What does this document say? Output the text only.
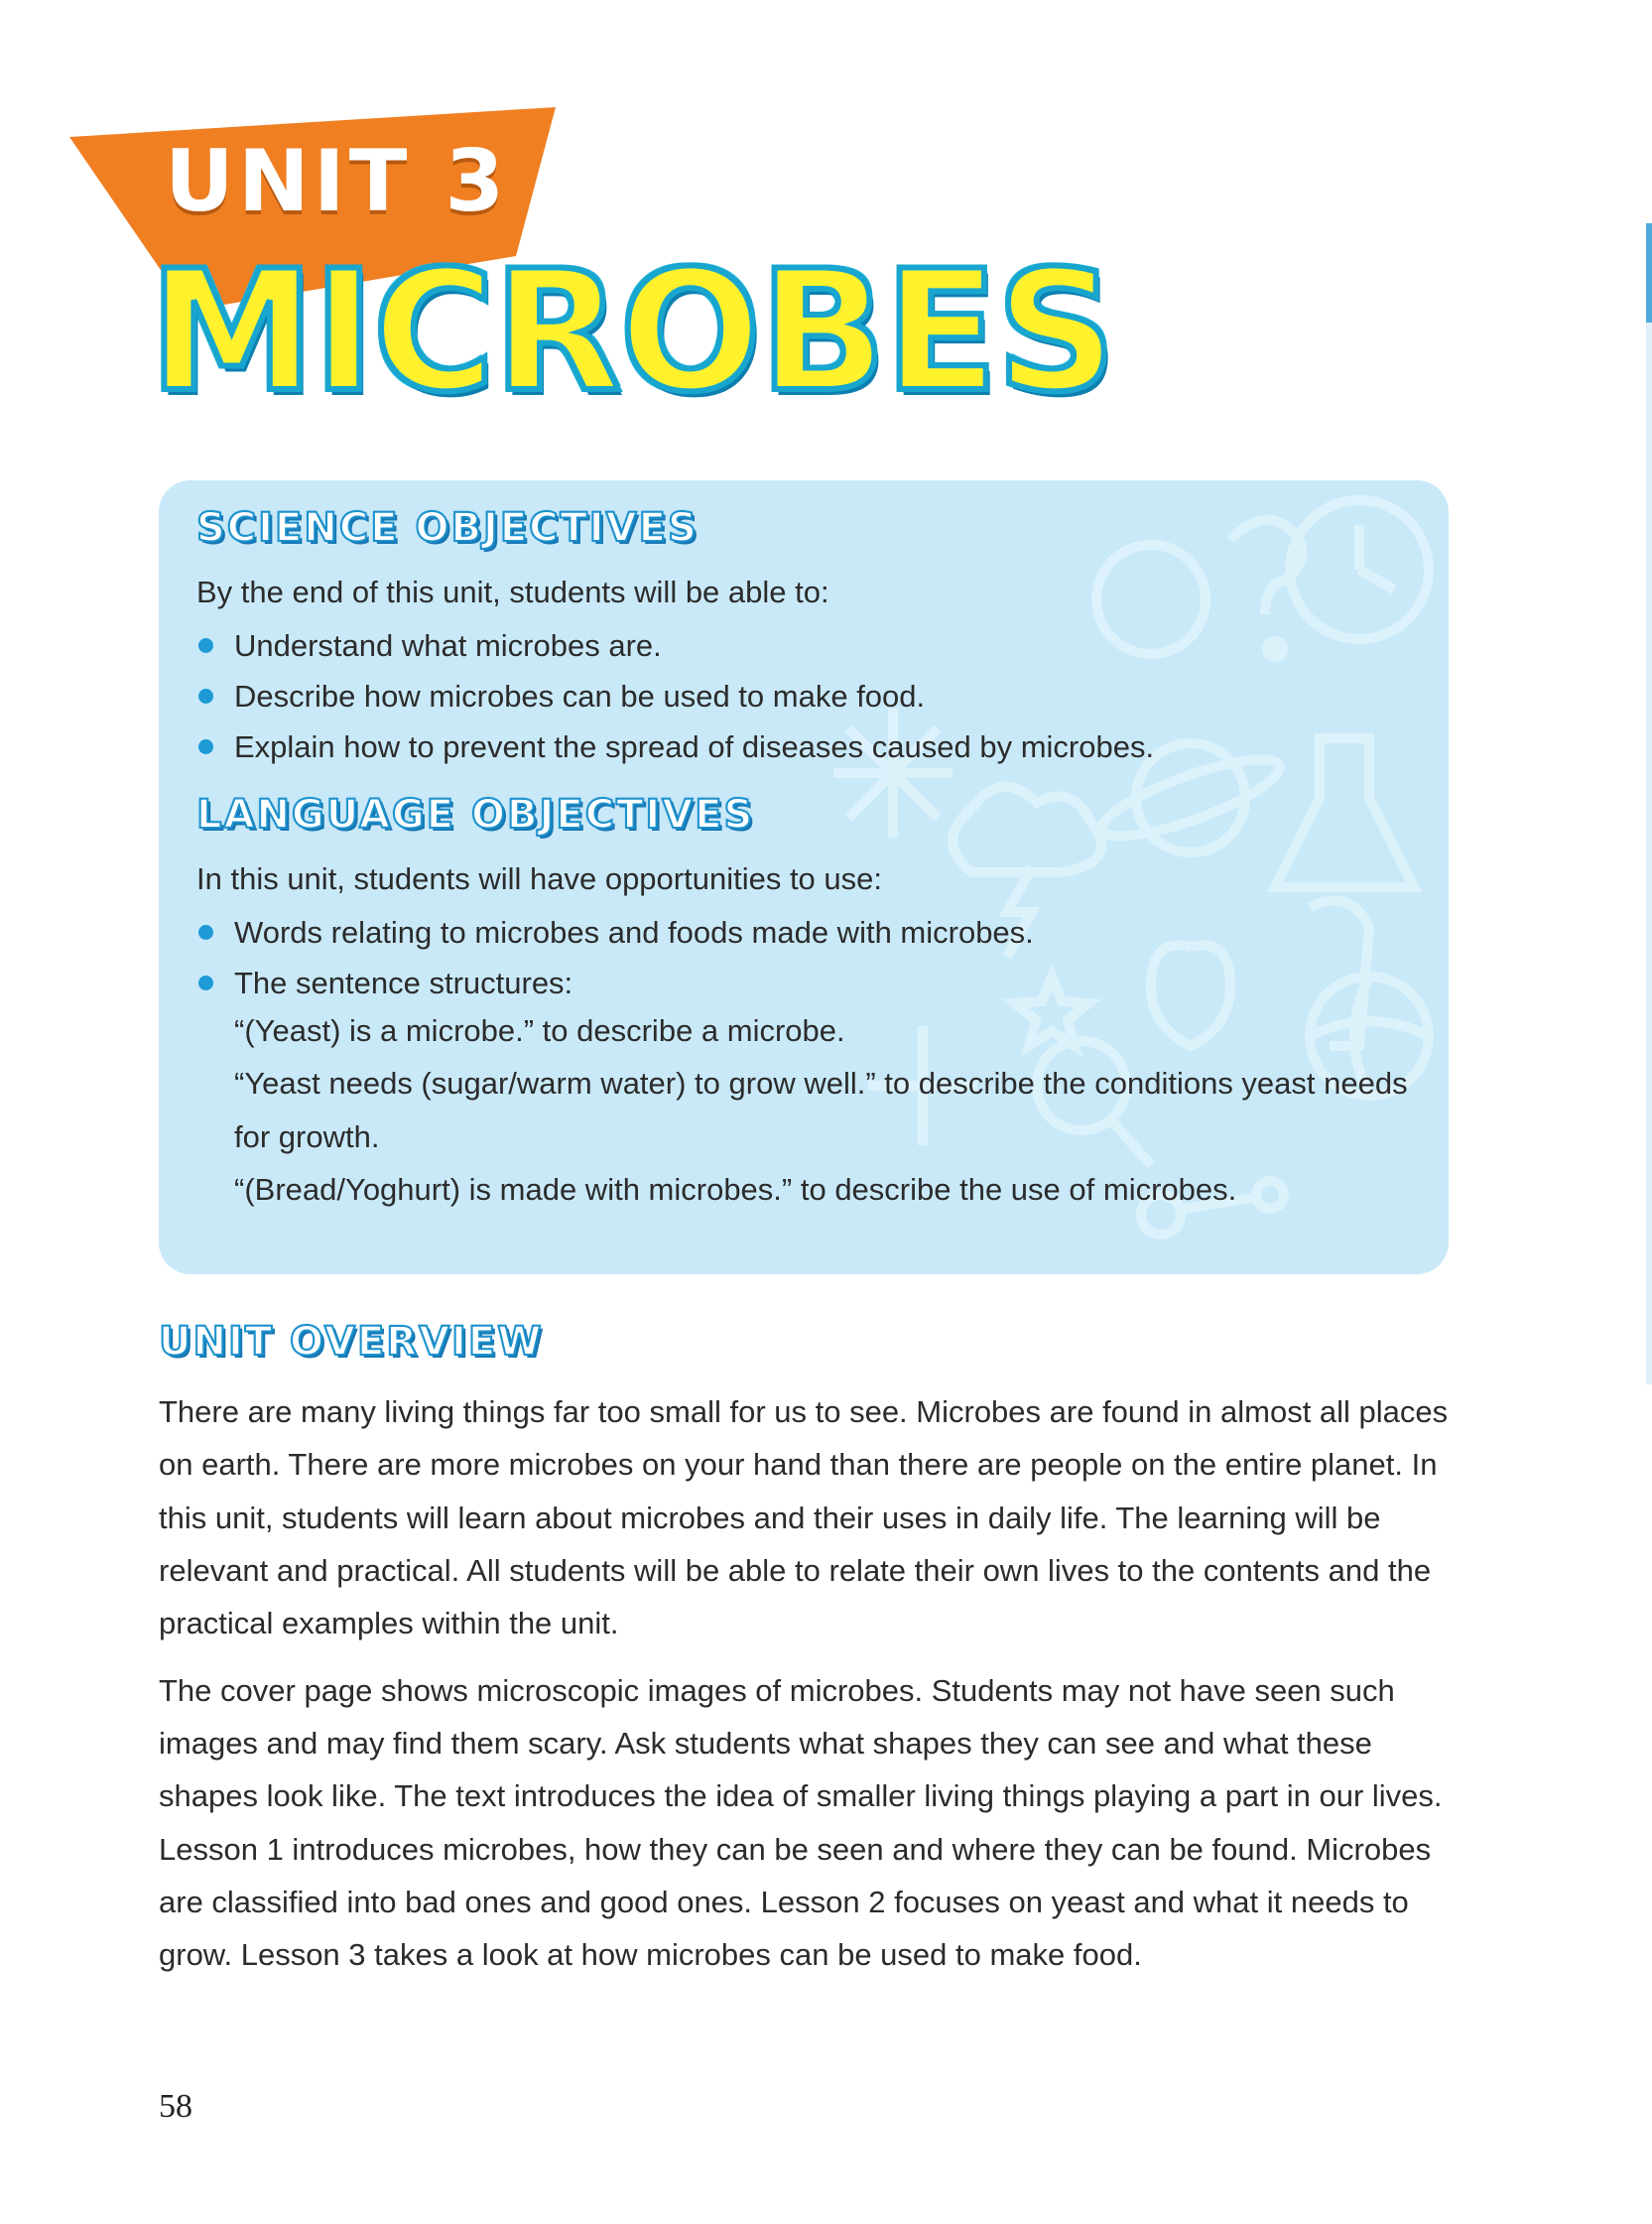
UNIT 3
MICROBES
SCIENCE OBJECTIVES

By the end of this unit, students will be able to:

Understand what microbes are.
Describe how microbes can be used to make food.
Explain how to prevent the spread of diseases caused by microbes.
LANGUAGE OBJECTIVES

In this unit, students will have opportunities to use:

Words relating to microbes and foods made with microbes.
The sentence structures:

“(Yeast) is a microbe.” to describe a microbe.

“Yeast needs (sugar/warm water) to grow well.” to describe the conditions yeast needs for growth.

“(Bread/Yoghurt) is made with microbes.” to describe the use of microbes.

UNIT OVERVIEW

There are many living things far too small for us to see. Microbes are found in almost all places on earth. There are more microbes on your hand than there are people on the entire planet. In this unit, students will learn about microbes and their uses in daily life. The learning will be relevant and practical. All students will be able to relate their own lives to the contents and the practical examples within the unit.

The cover page shows microscopic images of microbes. Students may not have seen such images and may find them scary. Ask students what shapes they can see and what these shapes look like. The text introduces the idea of smaller living things playing a part in our lives. Lesson 1 introduces microbes, how they can be seen and where they can be found. Microbes are classified into bad ones and good ones. Lesson 2 focuses on yeast and what it needs to grow. Lesson 3 takes a look at how microbes can be used to make food.

58
